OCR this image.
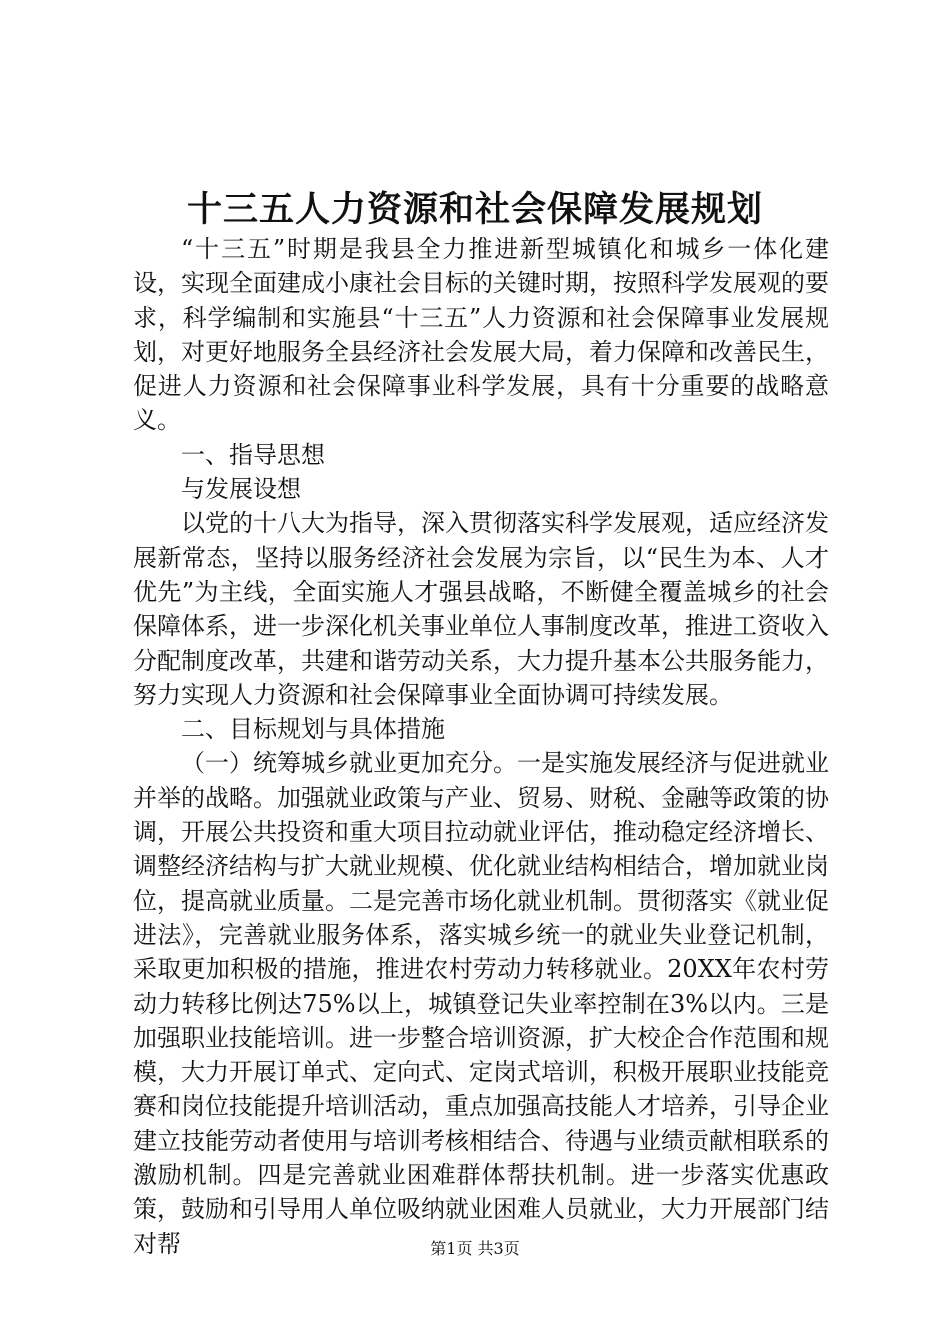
十三五人力资源和社会保障发展规划

“十三五”时期是我县全力推进新型城镇化和城乡一体化建设，实现全面建成小康社会目标的关键时期，按照科学发展观的要求，科学编制和实施县“十三五”人力资源和社会保障事业发展规划，对更好地服务全县经济社会发展大局，着力保障和改善民生，促进人力资源和社会保障事业科学发展，具有十分重要的战略意义。

一、指导思想

与发展设想

以党的十八大为指导，深入贯彻落实科学发展观，适应经济发展新常态，坚持以服务经济社会发展为宗旨，以“民生为本、人才优先”为主线，全面实施人才强县战略，不断健全覆盖城乡的社会保障体系，进一步深化机关事业单位人事制度改革，推进工资收入分配制度改革，共建和谐劳动关系，大力提升基本公共服务能力，努力实现人力资源和社会保障事业全面协调可持续发展。

二、目标规划与具体措施

（一）统筹城乡就业更加充分。一是实施发展经济与促进就业并举的战略。加强就业政策与产业、贸易、财税、金融等政策的协调，开展公共投资和重大项目拉动就业评估，推动稳定经济增长、调整经济结构与扩大就业规模、优化就业结构相结合，增加就业岗位，提高就业质量。二是完善市场化就业机制。贯彻落实《就业促进法》，完善就业服务体系，落实城乡统一的就业失业登记机制，采取更加积极的措施，推进农村劳动力转移就业。20XX年农村劳动力转移比例达75%以上，城镇登记失业率控制在3%以内。三是加强职业技能培训。进一步整合培训资源，扩大校企合作范围和规模，大力开展订单式、定向式、定岗式培训，积极开展职业技能竞赛和岗位技能提升培训活动，重点加强高技能人才培养，引导企业建立技能劳动者使用与培训考核相结合、待遇与业绩贡献相联系的激励机制。四是完善就业困难群体帮扶机制。进一步落实优惠政策，鼓励和引导用人单位吸纳就业困难人员就业，大力开展部门结对帮	第1页 共3页
